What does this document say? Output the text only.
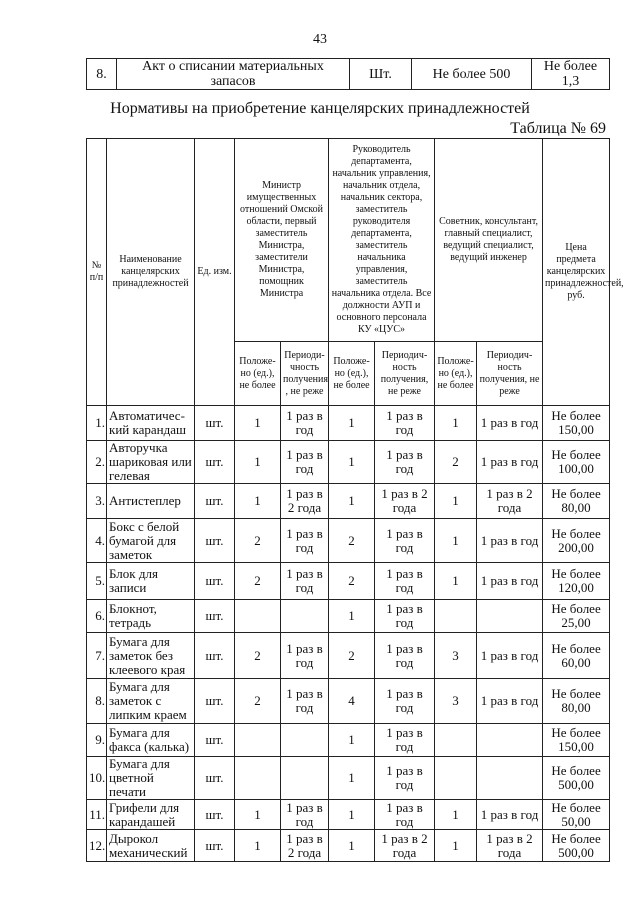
43
8.	Акт о списании материальных запасов	Шт.	Не более 500	Не более 1,3
Нормативы на приобретение канцелярских принадлежностей
Таблица № 69
№ п/п	Наименование канцелярских принадлежностей	Ед. изм.	Министр имущественных отношений Омской области, первый заместитель Министра, заместители Министра, помощник Министра		Руководитель департамента, начальник управления, начальник отдела, начальник сектора, заместитель руководителя департамента, заместитель начальника управления, заместитель начальника отдела. Все должности АУП и основного персонала КУ «ЦУС»		Советник, консультант, главный специалист, ведущий специалист, ведущий инженер		Цена предмета канцелярских принадлежностей, руб.
			Положе-но (ед.), не более	Периоди-чность получения , не реже	Положе-но (ед.), не более	Периодич-ность получения, не реже	Положе-но (ед.), не более	Периодич-ность получения, не реже	
1.	Автоматичес-кий карандаш	шт.	1	1 раз в год	1	1 раз в год	1	1 раз в год	Не более 150,00
2.	Авторучка шариковая или гелевая	шт.	1	1 раз в год	1	1 раз в год	2	1 раз в год	Не более 100,00
3.	Антистеплер	шт.	1	1 раз в 2 года	1	1 раз в 2 года	1	1 раз в 2 года	Не более 80,00
4.	Бокс с белой бумагой для заметок	шт.	2	1 раз в год	2	1 раз в год	1	1 раз в год	Не более 200,00
5.	Блок для записи	шт.	2	1 раз в год	2	1 раз в год	1	1 раз в год	Не более 120,00
6.	Блокнот, тетрадь	шт.			1	1 раз в год			Не более 25,00
7.	Бумага для заметок без клеевого края	шт.	2	1 раз в год	2	1 раз в год	3	1 раз в год	Не более 60,00
8.	Бумага для заметок с липким краем	шт.	2	1 раз в год	4	1 раз в год	3	1 раз в год	Не более 80,00
9.	Бумага для факса (калька)	шт.			1	1 раз в год			Не более 150,00
10.	Бумага для цветной печати	шт.			1	1 раз в год			Не более 500,00
11.	Грифели для карандашей	шт.	1	1 раз в год	1	1 раз в год	1	1 раз в год	Не более 50,00
12.	Дырокол механический	шт.	1	1 раз в 2 года	1	1 раз в 2 года	1	1 раз в 2 года	Не более 500,00
